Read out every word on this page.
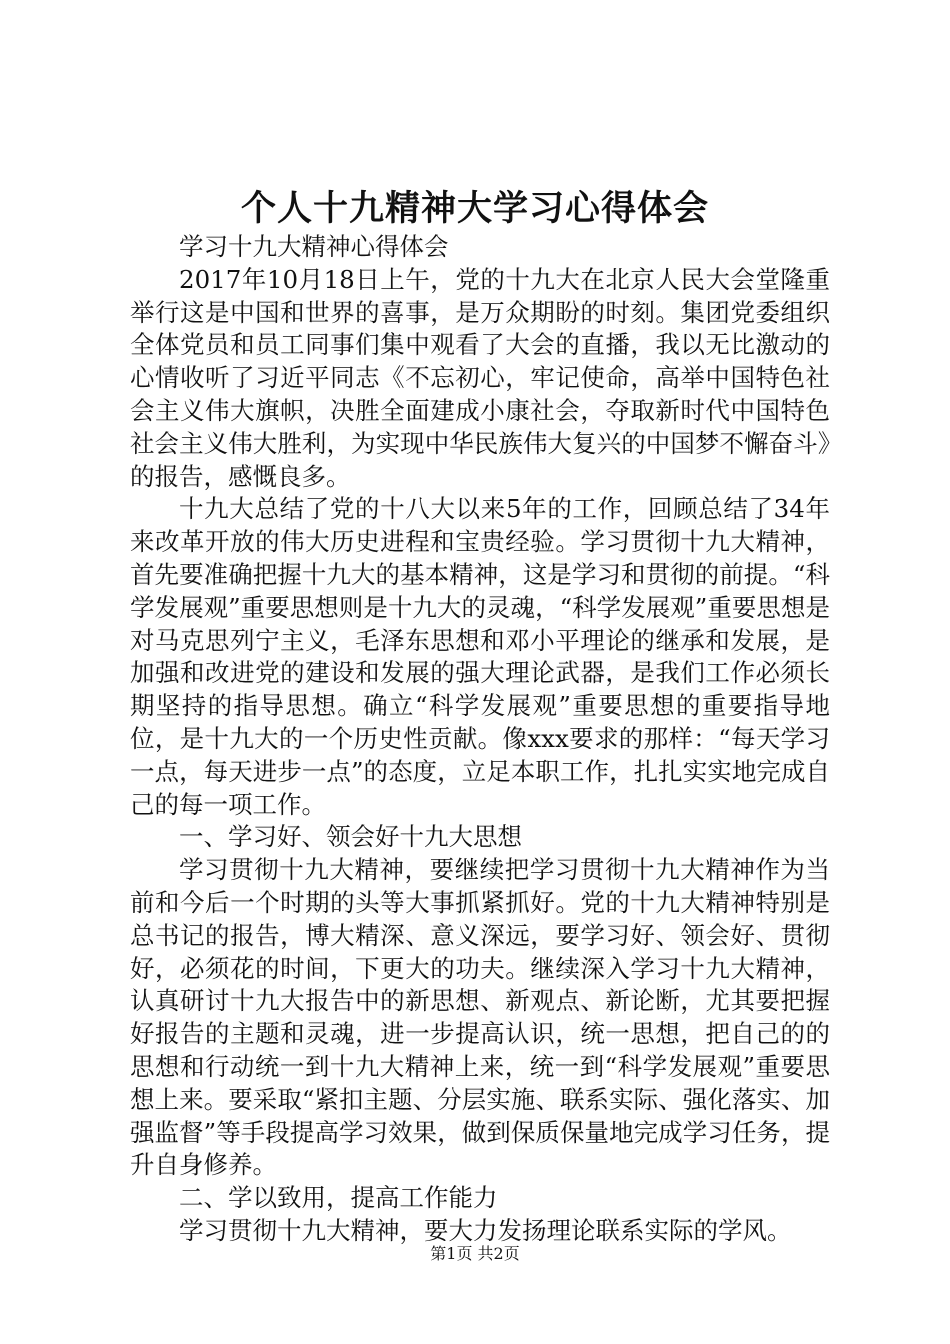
个人十九精神大学习心得体会

学习十九大精神心得体会

2017年10月18日上午，党的十九大在北京人民大会堂隆重举行这是中国和世界的喜事，是万众期盼的时刻。集团党委组织全体党员和员工同事们集中观看了大会的直播，我以无比激动的心情收听了习近平同志《不忘初心，牢记使命，高举中国特色社会主义伟大旗帜，决胜全面建成小康社会，夺取新时代中国特色社会主义伟大胜利，为实现中华民族伟大复兴的中国梦不懈奋斗》的报告，感慨良多。

十九大总结了党的十八大以来5年的工作，回顾总结了34年来改革开放的伟大历史进程和宝贵经验。学习贯彻十九大精神，首先要准确把握十九大的基本精神，这是学习和贯彻的前提。“科学发展观”重要思想则是十九大的灵魂，“科学发展观”重要思想是对马克思列宁主义，毛泽东思想和邓小平理论的继承和发展，是加强和改进党的建设和发展的强大理论武器，是我们工作必须长期坚持的指导思想。确立“科学发展观”重要思想的重要指导地位，是十九大的一个历史性贡献。像xxx要求的那样：“每天学习一点，每天进步一点”的态度，立足本职工作，扎扎实实地完成自己的每一项工作。

一、学习好、领会好十九大思想

学习贯彻十九大精神，要继续把学习贯彻十九大精神作为当前和今后一个时期的头等大事抓紧抓好。党的十九大精神特别是总书记的报告，博大精深、意义深远，要学习好、领会好、贯彻好，必须花的时间，下更大的功夫。继续深入学习十九大精神，认真研讨十九大报告中的新思想、新观点、新论断，尤其要把握好报告的主题和灵魂，进一步提高认识，统一思想，把自己的的思想和行动统一到十九大精神上来，统一到“科学发展观”重要思想上来。要采取“紧扣主题、分层实施、联系实际、强化落实、加强监督”等手段提高学习效果，做到保质保量地完成学习任务，提升自身修养。

二、学以致用，提高工作能力

学习贯彻十九大精神，要大力发扬理论联系实际的学风。

第1页 共2页
